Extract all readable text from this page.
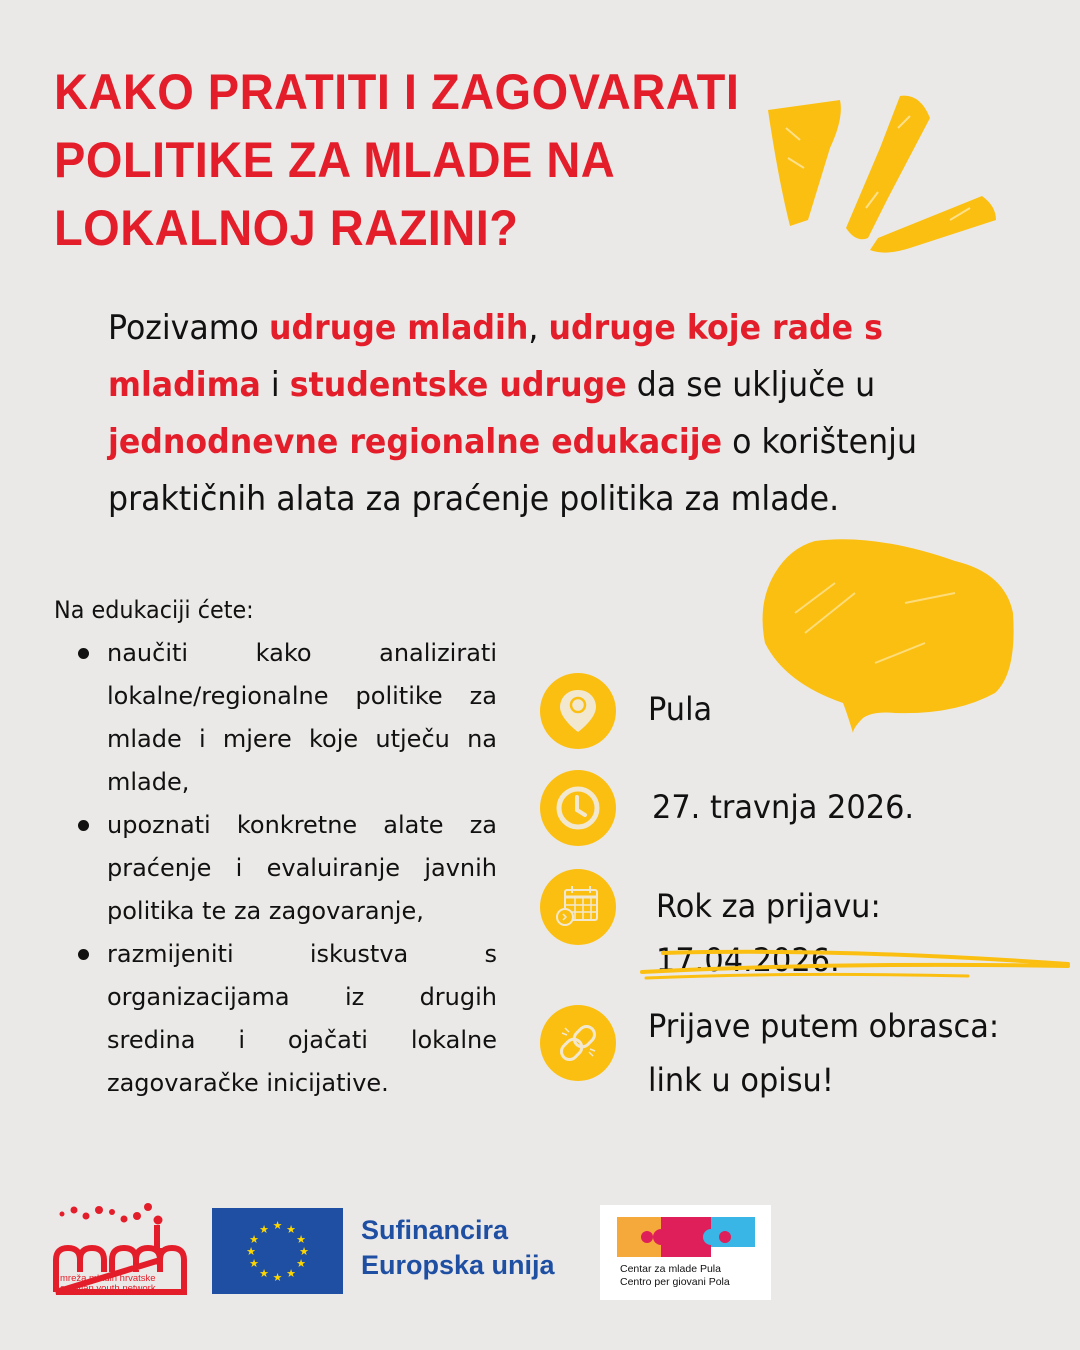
KAKO PRATITI I ZAGOVARATI
POLITIKE ZA MLADE NA
LOKALNOJ RAZINI?
Pozivamo udruge mladih, udruge koje rade s mladima i studentske udruge da se uključe u jednodnevne regionalne edukacije o korištenju praktičnih alata za praćenje politika za mlade.
Na edukaciji ćete:
naučiti kako analizirati lokalne/regionalne politike za mlade i mjere koje utječu na mlade,
upoznati konkretne alate za praćenje i evaluiranje javnih politika te za zagovaranje,
razmijeniti iskustva s organizacijama iz drugih sredina i ojačati lokalne zagovaračke inicijative.
Pula
27. travnja 2026.
Rok za prijavu: 17.04.2026.
Prijave putem obrasca:
link u opisu!
mreža mladih hrvatske
croatian youth network
★ ★
★
★
★
★
★
★
★
★
★
★	Sufinancira
Europska unija	Centar za mlade Pula
Centro per giovani Pola
